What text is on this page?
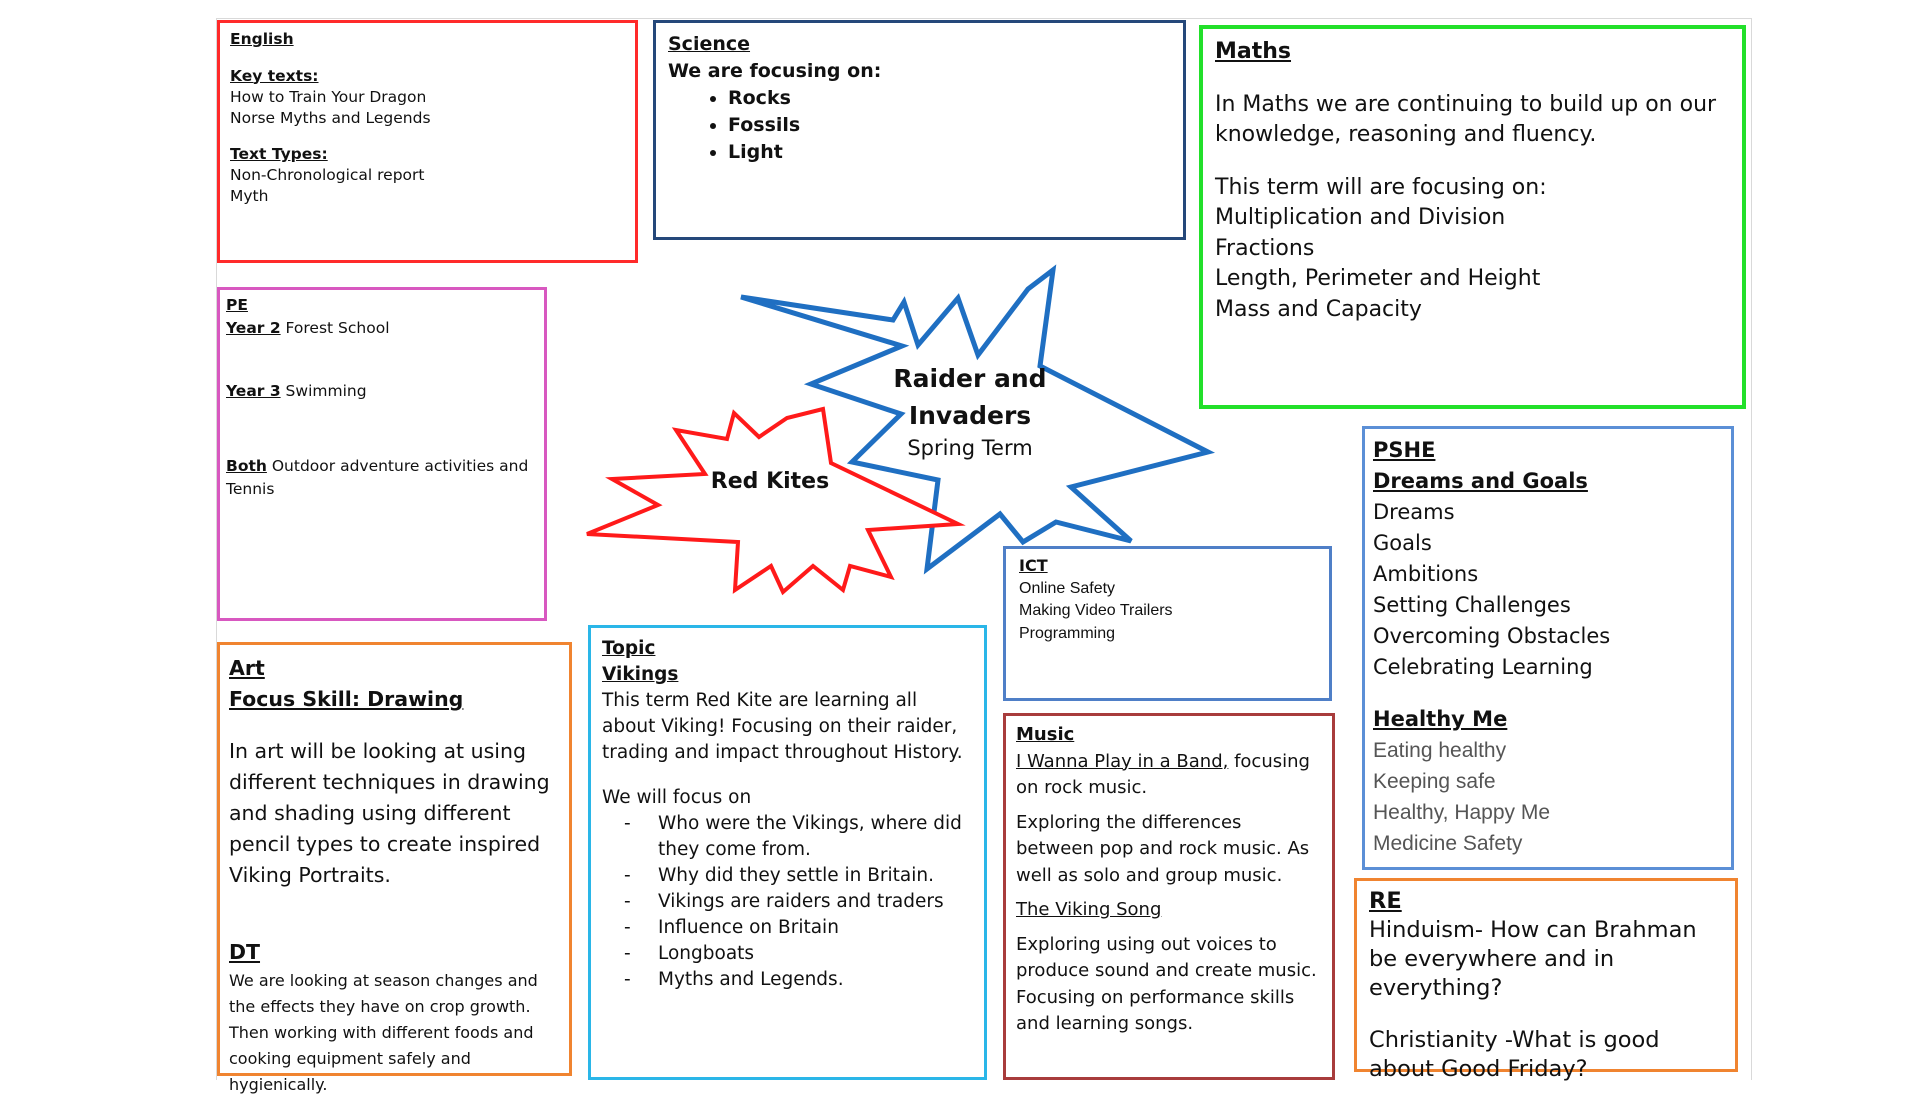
Raider and Invaders
Spring Term
Red Kites

English

Key texts:

How to Train Your Dragon

Norse Myths and Legends

Text Types:

Non-Chronological report

Myth

Science

We are focusing on:

• Rocks
• Fossils
• Light

Maths

In Maths we are continuing to build up on our knowledge, reasoning and fluency.

This term will are focusing on:

Multiplication and Division

Fractions

Length, Perimeter and Height

Mass and Capacity

PE

Year 2 Forest School

Year 3 Swimming

Both Outdoor adventure activities and Tennis

PSHE

Dreams and Goals

Dreams

Goals

Ambitions

Setting Challenges

Overcoming Obstacles

Celebrating Learning

Healthy Me

Eating healthy

Keeping safe

Healthy, Happy Me

Medicine Safety

ICT

Online Safety

Making Video Trailers

Programming

Art

Focus Skill: Drawing

In art will be looking at using different techniques in drawing and shading using different pencil types to create inspired Viking Portraits.

DT

We are looking at season changes and the effects they have on crop growth. Then working with different foods and cooking equipment safely and hygienically.

Topic

Vikings

This term Red Kite are learning all about Viking! Focusing on their raider, trading and impact throughout History.

We will focus on

- Who were the Vikings, where did they come from.
- Why did they settle in Britain.
- Vikings are raiders and traders
- Influence on Britain
- Longboats
- Myths and Legends.

Music

I Wanna Play in a Band, focusing on rock music.

Exploring the differences between pop and rock music. As well as solo and group music.

The Viking Song

Exploring using out voices to produce sound and create music. Focusing on performance skills and learning songs.

RE

Hinduism- How can Brahman be everywhere and in everything?

Christianity -What is good about Good Friday?
